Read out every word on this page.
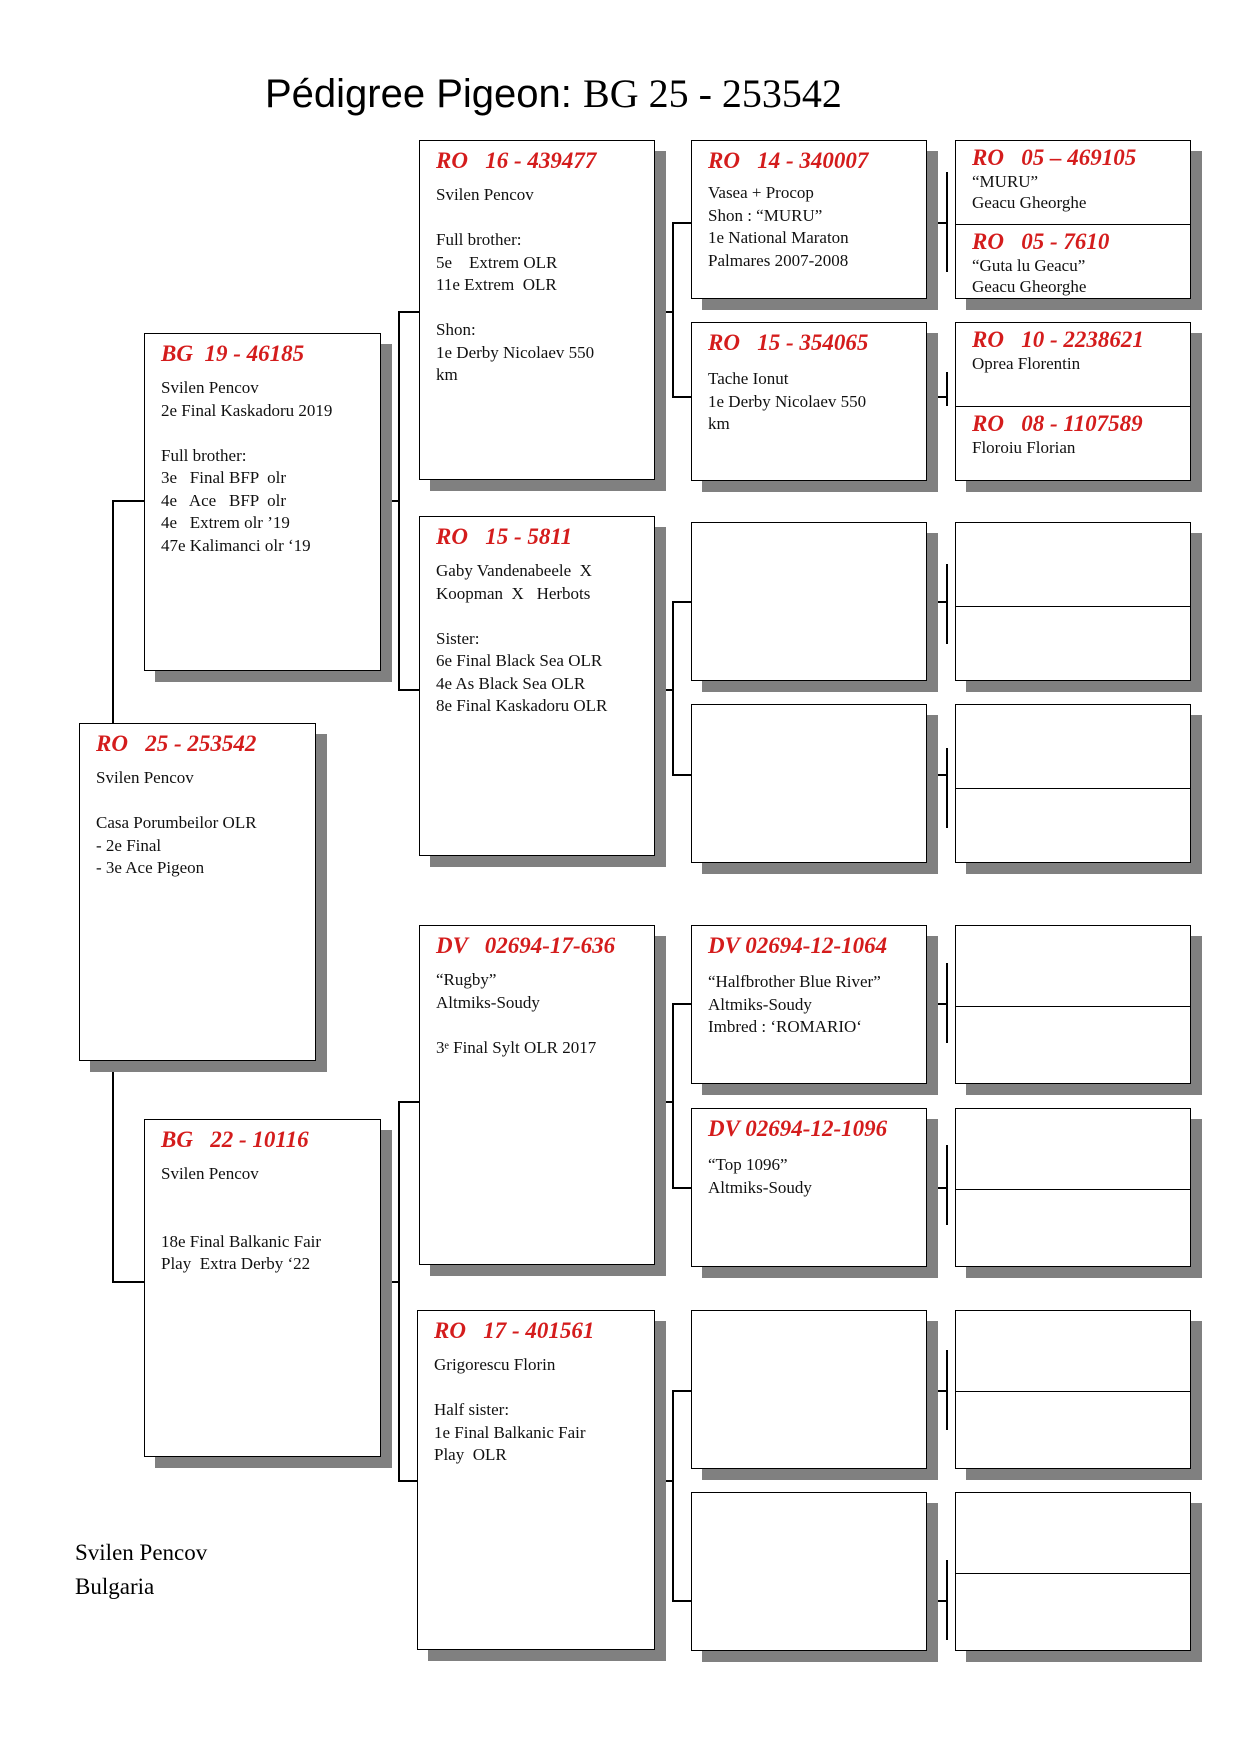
Pédigree Pigeon: BG 25 - 253542
RO   25 - 253542
Svilen Pencov

Casa Porumbeilor OLR
- 2e Final
- 3e Ace Pigeon
BG  19 - 46185
Svilen Pencov
2e Final Kaskadoru 2019

Full brother:
3e   Final BFP  olr
4e   Ace   BFP  olr
4e   Extrem olr ’19
47e Kalimanci olr ‘19
BG   22 - 10116
Svilen Pencov

18e Final Balkanic Fair
Play  Extra Derby ‘22
RO   16 - 439477
Svilen Pencov

Full brother:
5e    Extrem OLR
11e Extrem  OLR

Shon:
1e Derby Nicolaev 550
km
RO   15 - 5811
Gaby Vandenabeele  X
Koopman  X   Herbots

Sister:
6e Final Black Sea OLR
4e As Black Sea OLR
8e Final Kaskadoru OLR
DV   02694-17-636
“Rugby”
Altmiks-Soudy

3ᵉ Final Sylt OLR 2017
RO   17 - 401561
Grigorescu Florin

Half sister:
1e Final Balkanic Fair
Play  OLR
RO   14 - 340007
Vasea + Procop
Shon : “MURU”
1e National Maraton
Palmares 2007-2008
RO   15 - 354065
Tache Ionut
1e Derby Nicolaev 550
km
DV 02694-12-1064
“Halfbrother Blue River”
Altmiks-Soudy
Imbred : ‘ROMARIO‘
DV 02694-12-1096
“Top 1096”
Altmiks-Soudy
RO   05 – 469105
“MURU”
Geacu Gheorghe
RO   05 - 7610
“Guta lu Geacu”
Geacu Gheorghe
RO   10 - 2238621
Oprea Florentin
RO   08 - 1107589
Floroiu Florian
Svilen Pencov
Bulgaria
